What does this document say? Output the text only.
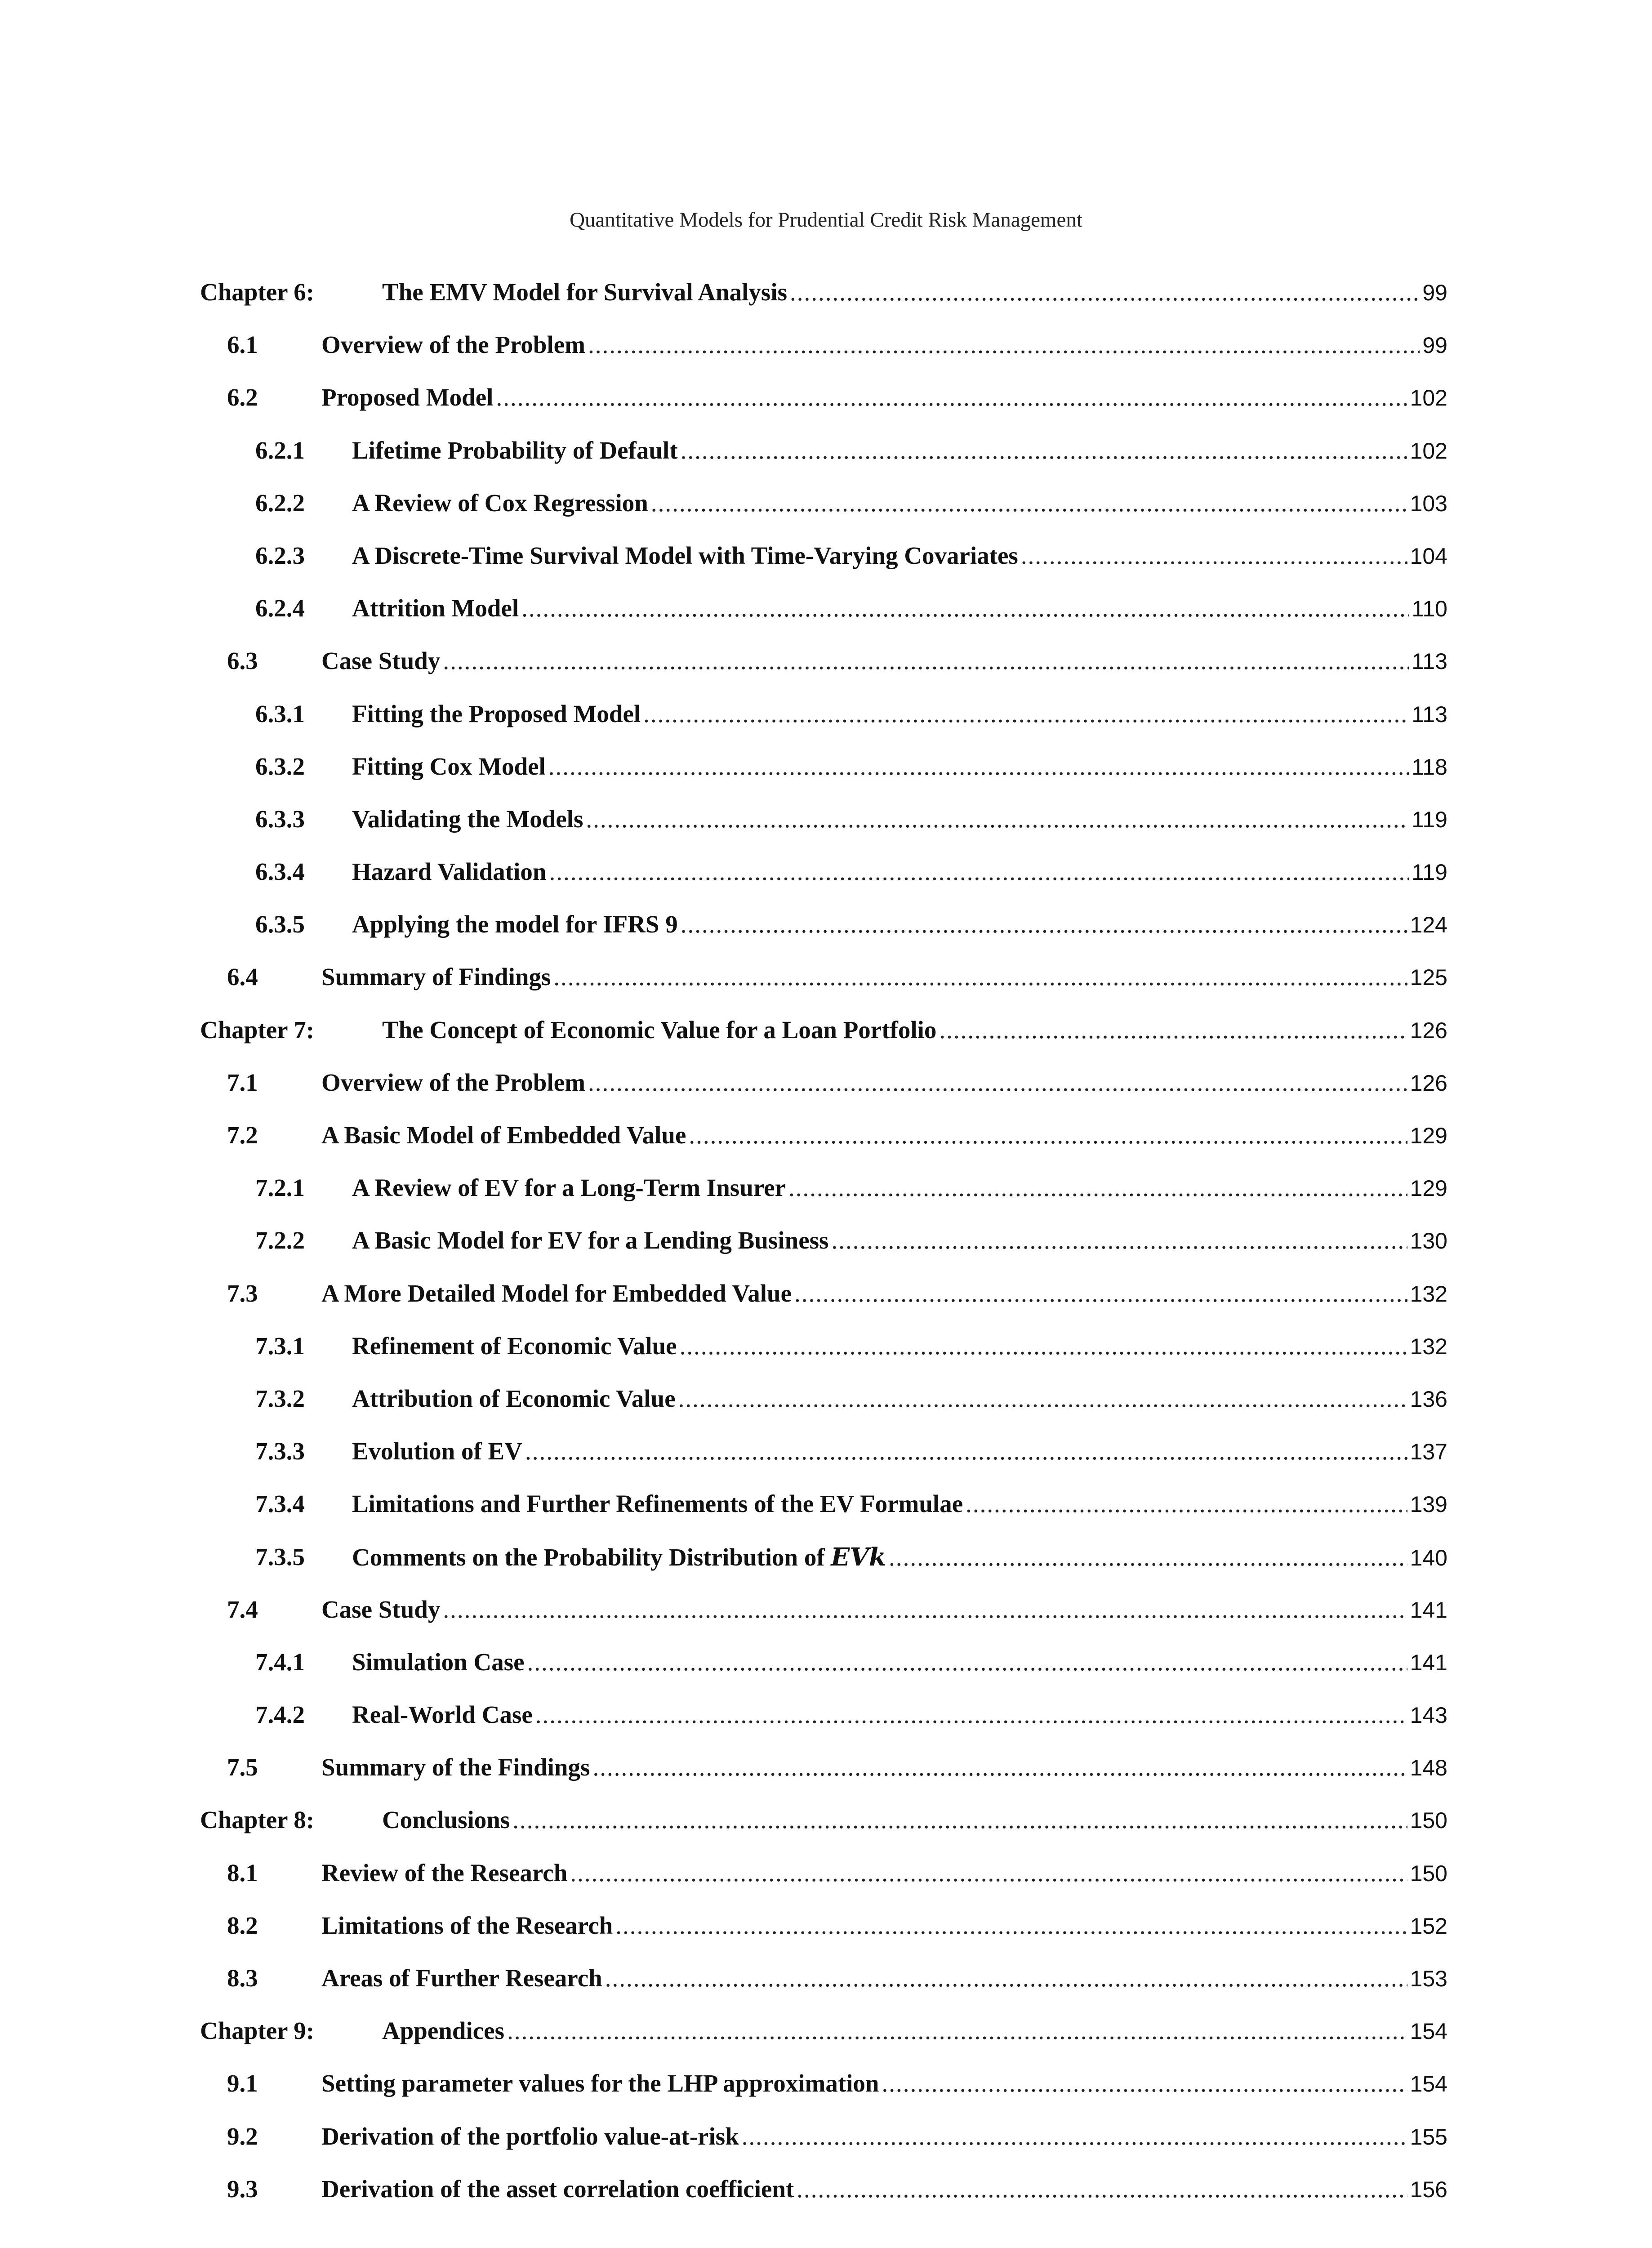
Quantitative Models for Prudential Credit Risk Management
Chapter 6:	The EMV Model for Survival Analysis .....	99
6.1	Overview of the Problem .....	99
6.2	Proposed Model .....	102
6.2.1 Lifetime Probability of Default .....	102
6.2.2 A Review of Cox Regression .....	103
6.2.3 A Discrete-Time Survival Model with Time-Varying Covariates .....	104
6.2.4 Attrition Model .....	110
6.3	Case Study .....	113
6.3.1 Fitting the Proposed Model .....	113
6.3.2 Fitting Cox Model .....	118
6.3.3 Validating the Models .....	119
6.3.4 Hazard Validation .....	119
6.3.5 Applying the model for IFRS 9 .....	124
6.4	Summary of Findings .....	125
Chapter 7:	The Concept of Economic Value for a Loan Portfolio .....	126
7.1	Overview of the Problem .....	126
7.2	A Basic Model of Embedded Value .....	129
7.2.1 A Review of EV for a Long-Term Insurer .....	129
7.2.2 A Basic Model for EV for a Lending Business .....	130
7.3	A More Detailed Model for Embedded Value .....	132
7.3.1 Refinement of Economic Value .....	132
7.3.2 Attribution of Economic Value .....	136
7.3.3 Evolution of EV .....	137
7.3.4 Limitations and Further Refinements of the EV Formulae .....	139
7.3.5 Comments on the Probability Distribution of EVk .....	140
7.4	Case Study .....	141
7.4.1 Simulation Case .....	141
7.4.2 Real-World Case .....	143
7.5	Summary of the Findings .....	148
Chapter 8:	Conclusions .....	150
8.1	Review of the Research .....	150
8.2	Limitations of the Research .....	152
8.3	Areas of Further Research .....	153
Chapter 9:	Appendices .....	154
9.1	Setting parameter values for the LHP approximation .....	154
9.2	Derivation of the portfolio value-at-risk .....	155
9.3	Derivation of the asset correlation coefficient .....	156
